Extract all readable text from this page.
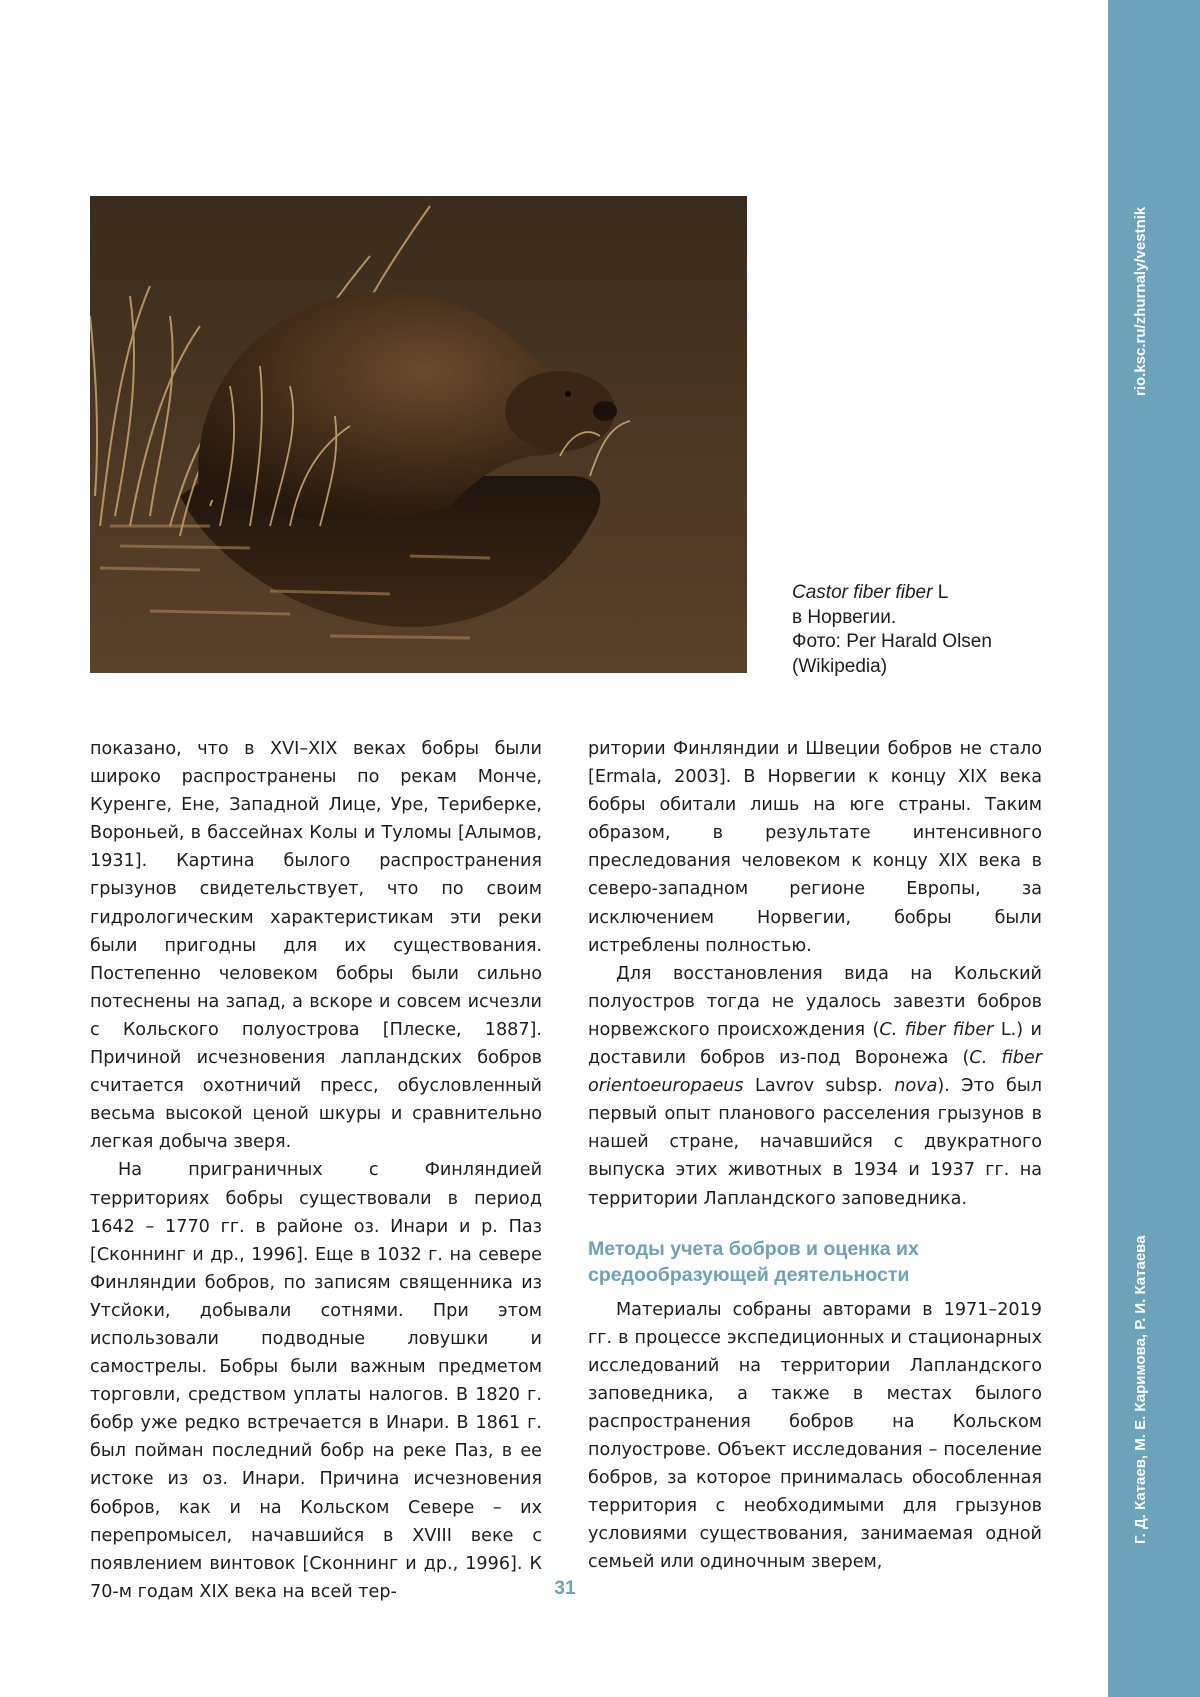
rio.ksc.ru/zhurnaly/vestnik
Г. Д. Катаев, М. Е. Каримова, Р. И. Катаева

Castor fiber fiber L

в Норвегии.

Фото: Per Harald Olsen

(Wikipedia)

показано, что в XVI–XIX веках бобры были широко распространены по рекам Мончe, Куренге, Ене, Западной Лице, Уре, Териберке, Вороньей, в бассейнах Колы и Туломы [Алымов, 1931]. Картина былого распространения грызунов свидетельствует, что по своим гидрологическим характеристикам эти реки были пригодны для их существования. Постепенно человеком бобры были сильно потеснены на запад, а вскоре и совсем исчезли с Кольского полуострова [Плеске, 1887]. Причиной исчезновения лапландских бобров считается охотничий пресс, обусловленный весьма высокой ценой шкуры и сравнительно легкая добыча зверя.

На приграничных с Финляндией территориях бобры существовали в период 1642 – 1770 гг. в районе оз. Инари и р. Паз [Сконнинг и др., 1996]. Еще в 1032 г. на севере Финляндии бобров, по записям священника из Утсйоки, добывали сотнями. При этом использовали подводные ловушки и самострелы. Бобры были важным предметом торговли, средством уплаты налогов. В 1820 г. бобр уже редко встречается в Инари. В 1861 г. был пойман последний бобр на реке Паз, в ее истоке из оз. Инари. Причина исчезновения бобров, как и на Кольском Севере – их перепромысел, начавшийся в XVIII веке с появлением винтовок [Сконнинг и др., 1996]. К 70-м годам XIX века на всей тер-

ритории Финляндии и Швеции бобров не стало [Ermala, 2003]. В Норвегии к концу XIX века бобры обитали лишь на юге страны. Таким образом, в результате интенсивного преследования человеком к концу XIX века в северо-западном регионе Европы, за исключением Норвегии, бобры были истреблены полностью.

Для восстановления вида на Кольский полуостров тогда не удалось завезти бобров норвежского происхождения (C. fiber fiber L.) и доставили бобров из-под Воронежа (C. fiber orientoeuropaeus Lavrov subsp. nova). Это был первый опыт планового расселения грызунов в нашей стране, начавшийся с двукратного выпуска этих животных в 1934 и 1937 гг. на территории Лапландского заповедника.

Методы учета бобров и оценка их средообразующей деятельности

Материалы собраны авторами в 1971–2019 гг. в процессе экспедиционных и стационарных исследований на территории Лапландского заповедника, а также в местах былого распространения бобров на Кольском полуострове. Объект исследования – поселение бобров, за которое принималась обособленная территория с необходимыми для грызунов условиями существования, занимаемая одной семьей или одиночным зверем,

31
